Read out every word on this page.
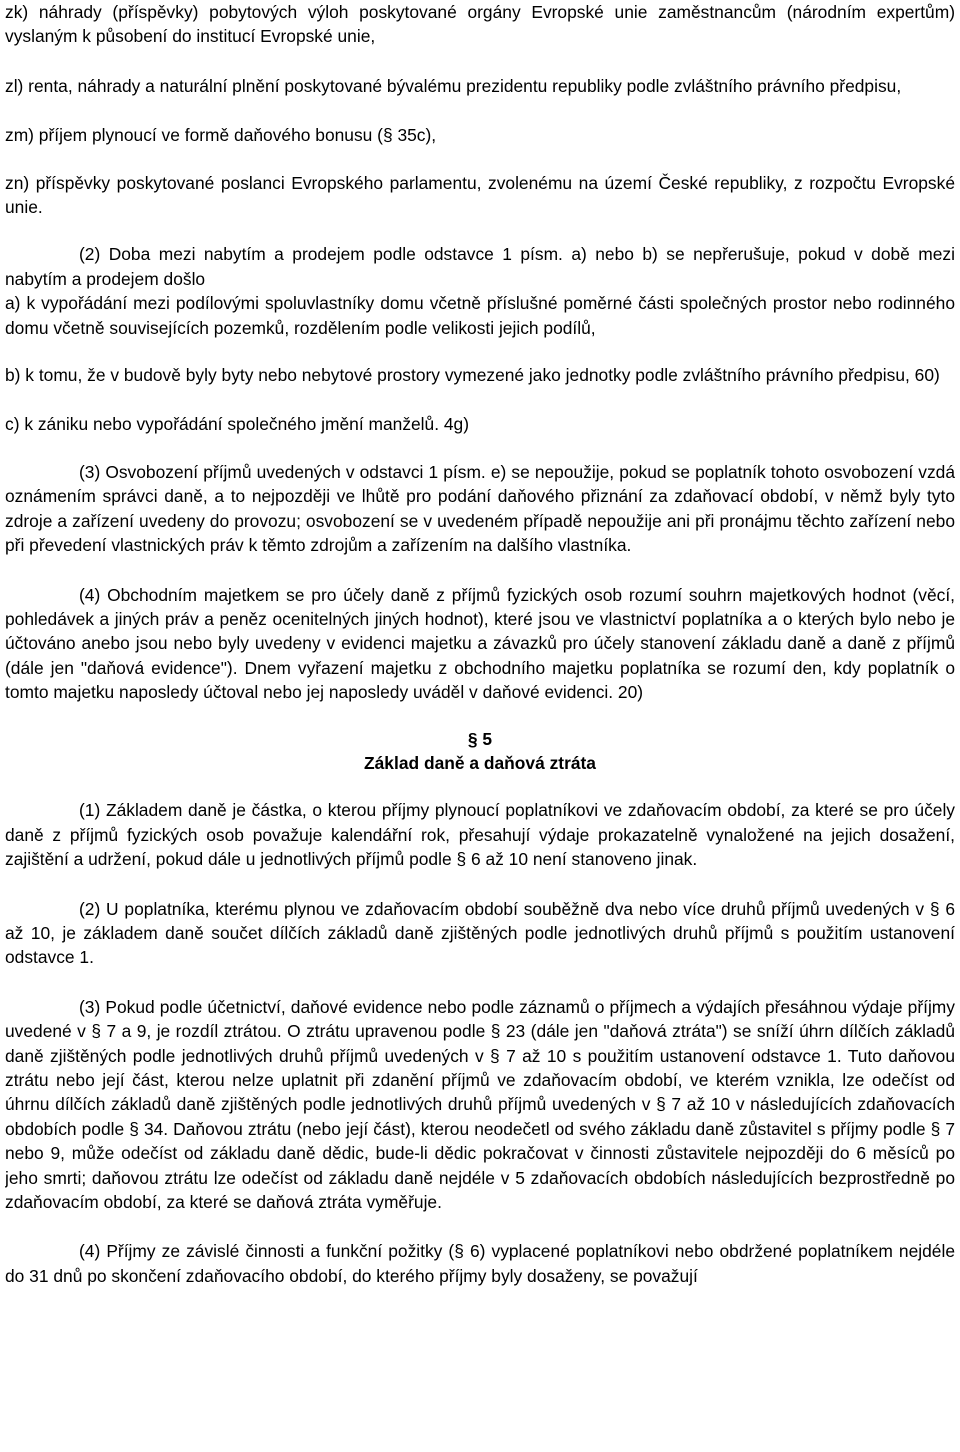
zk) náhrady (příspěvky) pobytových výloh poskytované orgány Evropské unie zaměstnancům (národním expertům) vyslaným k působení do institucí Evropské unie,

zl) renta, náhrady a naturální plnění poskytované bývalému prezidentu republiky podle zvláštního právního předpisu,

zm) příjem plynoucí ve formě daňového bonusu (§ 35c),

zn) příspěvky poskytované poslanci Evropského parlamentu, zvolenému na území České republiky, z rozpočtu Evropské unie.

(2) Doba mezi nabytím a prodejem podle odstavce 1 písm. a) nebo b) se nepřerušuje, pokud v době mezi nabytím a prodejem došlo

a) k vypořádání mezi podílovými spoluvlastníky domu včetně příslušné poměrné části společných prostor nebo rodinného domu včetně souvisejících pozemků, rozdělením podle velikosti jejich podílů,

b) k tomu, že v budově byly byty nebo nebytové prostory vymezené jako jednotky podle zvláštního právního předpisu, 60)

c) k zániku nebo vypořádání společného jmění manželů. 4g)

(3) Osvobození příjmů uvedených v odstavci 1 písm. e) se nepoužije, pokud se poplatník tohoto osvobození vzdá oznámením správci daně, a to nejpozději ve lhůtě pro podání daňového přiznání za zdaňovací období, v němž byly tyto zdroje a zařízení uvedeny do provozu; osvobození se v uvedeném případě nepoužije ani při pronájmu těchto zařízení nebo při převedení vlastnických práv k těmto zdrojům a zařízením na dalšího vlastníka.

(4) Obchodním majetkem se pro účely daně z příjmů fyzických osob rozumí souhrn majetkových hodnot (věcí, pohledávek a jiných práv a peněz ocenitelných jiných hodnot), které jsou ve vlastnictví poplatníka a o kterých bylo nebo je účtováno anebo jsou nebo byly uvedeny v evidenci majetku a závazků pro účely stanovení základu daně a daně z příjmů (dále jen "daňová evidence"). Dnem vyřazení majetku z obchodního majetku poplatníka se rozumí den, kdy poplatník o tomto majetku naposledy účtoval nebo jej naposledy uváděl v daňové evidenci. 20)

§ 5

Základ daně a daňová ztráta

(1) Základem daně je částka, o kterou příjmy plynoucí poplatníkovi ve zdaňovacím období, za které se pro účely daně z příjmů fyzických osob považuje kalendářní rok, přesahují výdaje prokazatelně vynaložené na jejich dosažení, zajištění a udržení, pokud dále u jednotlivých příjmů podle § 6 až 10 není stanoveno jinak.

(2) U poplatníka, kterému plynou ve zdaňovacím období souběžně dva nebo více druhů příjmů uvedených v § 6 až 10, je základem daně součet dílčích základů daně zjištěných podle jednotlivých druhů příjmů s použitím ustanovení odstavce 1.

(3) Pokud podle účetnictví, daňové evidence nebo podle záznamů o příjmech a výdajích přesáhnou výdaje příjmy uvedené v § 7 a 9, je rozdíl ztrátou. O ztrátu upravenou podle § 23 (dále jen "daňová ztráta") se sníží úhrn dílčích základů daně zjištěných podle jednotlivých druhů příjmů uvedených v § 7 až 10 s použitím ustanovení odstavce 1. Tuto daňovou ztrátu nebo její část, kterou nelze uplatnit při zdanění příjmů ve zdaňovacím období, ve kterém vznikla, lze odečíst od úhrnu dílčích základů daně zjištěných podle jednotlivých druhů příjmů uvedených v § 7 až 10 v následujících zdaňovacích obdobích podle § 34. Daňovou ztrátu (nebo její část), kterou neodečetl od svého základu daně zůstavitel s příjmy podle § 7 nebo 9, může odečíst od základu daně dědic, bude-li dědic pokračovat v činnosti zůstavitele nejpozději do 6 měsíců po jeho smrti; daňovou ztrátu lze odečíst od základu daně nejdéle v 5 zdaňovacích obdobích následujících bezprostředně po zdaňovacím období, za které se daňová ztráta vyměřuje.

(4) Příjmy ze závislé činnosti a funkční požitky (§ 6) vyplacené poplatníkovi nebo obdržené poplatníkem nejdéle do 31 dnů po skončení zdaňovacího období, do kterého příjmy byly dosaženy, se považují
